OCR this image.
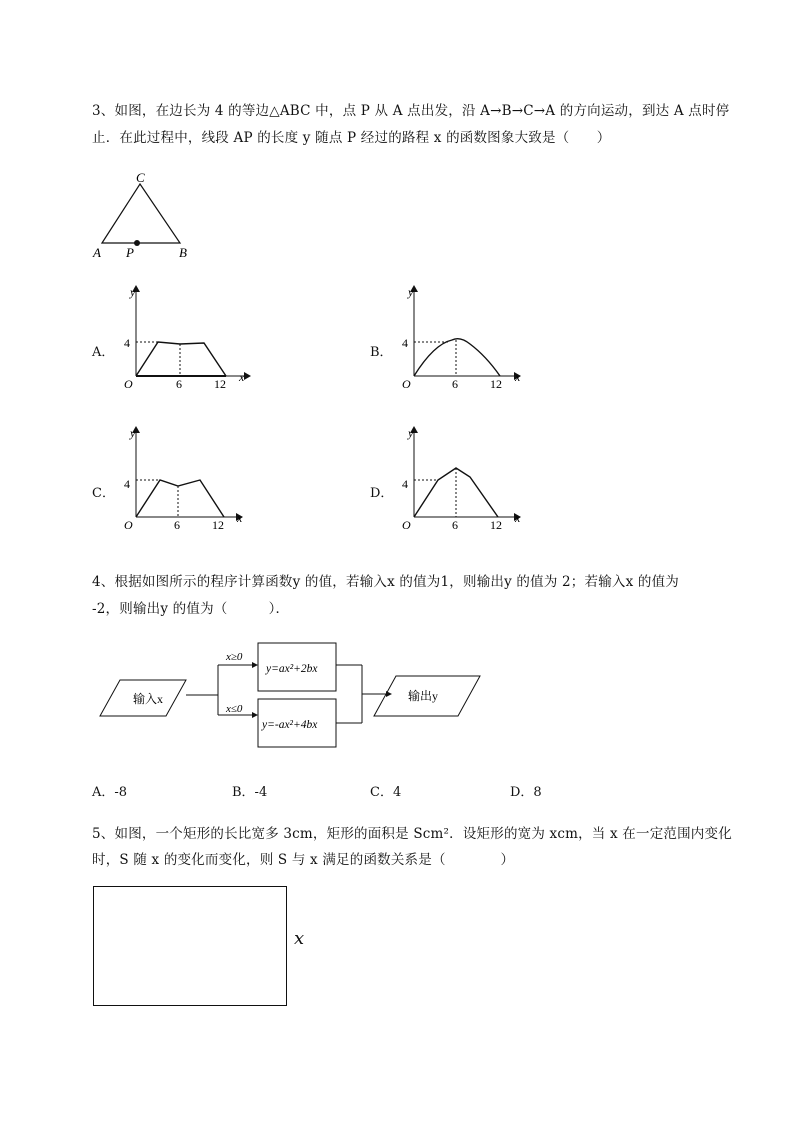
3、如图，在边长为 4 的等边△ABC 中，点 P 从 A 点出发，沿 A→B→C→A 的方向运动，到达 A 点时停
止．在此过程中，线段 AP 的长度 y 随点 P 经过的路程 x 的函数图象大致是（　　）
C
A P	B
A．
y
x
O
4
6	12
B．
y
x
O
4
6	12
C．
y
x
O
4
6	12
D．
y
x
O
4
6	12
4、根据如图所示的程序计算函数y 的值，若输入x 的值为1，则输出y 的值为 2；若输入x 的值为
-2，则输出y 的值为（　　　）．
输入x
x≥0
x≤0
y=ax²+2bx
y=-ax²+4bx
输出y
A．-8	B．-4	C．4	D．8
5、如图，一个矩形的长比宽多 3cm，矩形的面积是 Scm²．设矩形的宽为 xcm，当 x 在一定范围内变化
时，S 随 x 的变化而变化，则 S 与 x 满足的函数关系是（　　　　）
x
